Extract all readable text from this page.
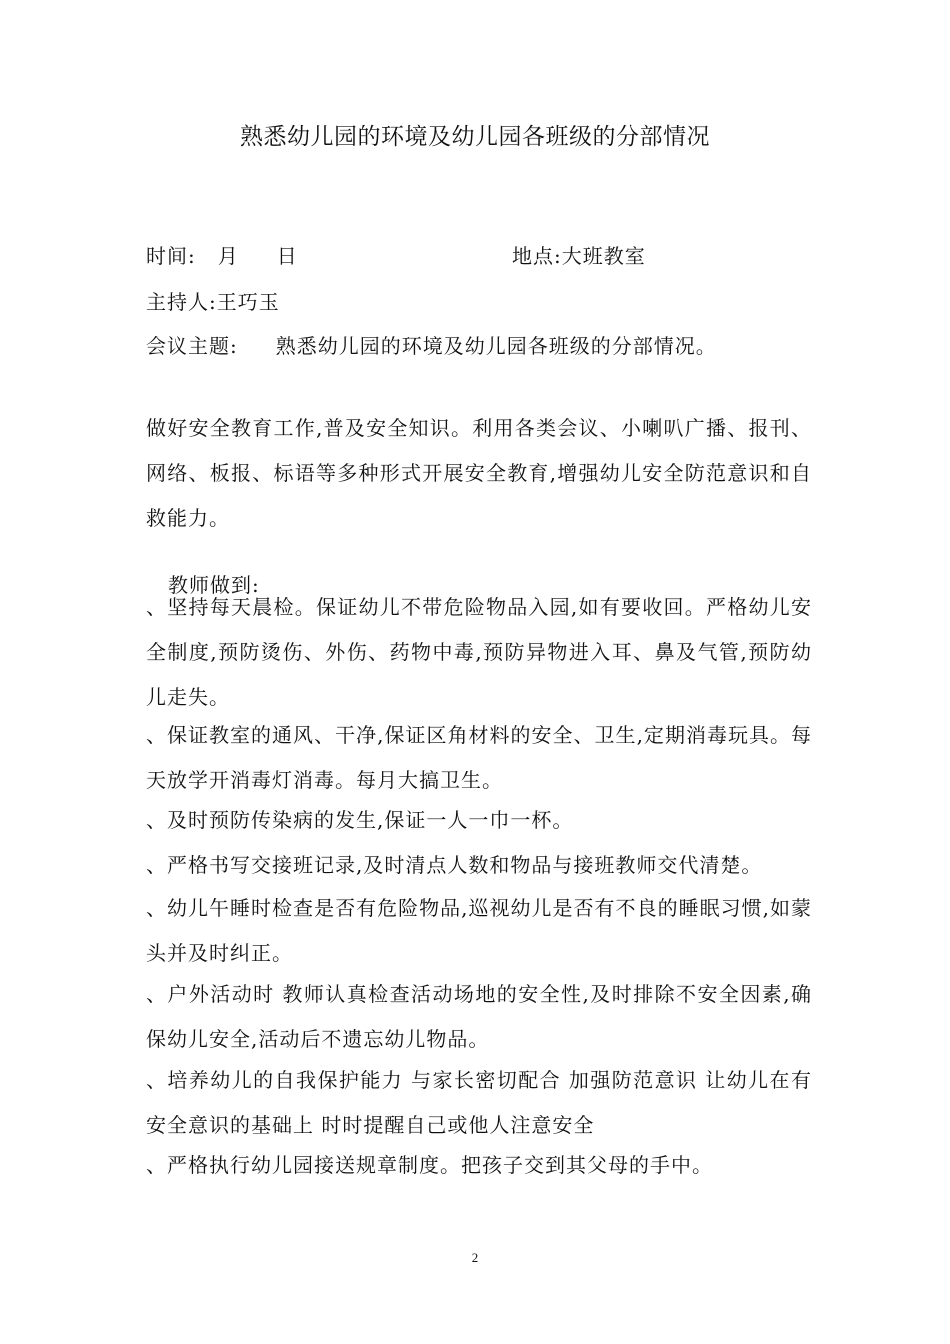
熟悉幼儿园的环境及幼儿园各班级的分部情况
时间: 月 日	地点:大班教室
主持人:王巧玉
会议主题: 熟悉幼儿园的环境及幼儿园各班级的分部情况。
做好安全教育工作,普及安全知识。利用各类会议、小喇叭广播、报刊、网络、板报、标语等多种形式开展安全教育,增强幼儿安全防范意识和自救能力。
教师做到:
、坚持每天晨检。保证幼儿不带危险物品入园,如有要收回。严格幼儿安全制度,预防烫伤、外伤、药物中毒,预防异物进入耳、鼻及气管,预防幼儿走失。
、保证教室的通风、干净,保证区角材料的安全、卫生,定期消毒玩具。每天放学开消毒灯消毒。每月大搞卫生。
、及时预防传染病的发生,保证一人一巾一杯。
、严格书写交接班记录,及时清点人数和物品与接班教师交代清楚。
、幼儿午睡时检查是否有危险物品,巡视幼儿是否有不良的睡眠习惯,如蒙头并及时纠正。
、户外活动时 教师认真检查活动场地的安全性,及时排除不安全因素,确保幼儿安全,活动后不遗忘幼儿物品。
、培养幼儿的自我保护能力 与家长密切配合 加强防范意识 让幼儿在有安全意识的基础上 时时提醒自己或他人注意安全
、严格执行幼儿园接送规章制度。把孩子交到其父母的手中。
2
